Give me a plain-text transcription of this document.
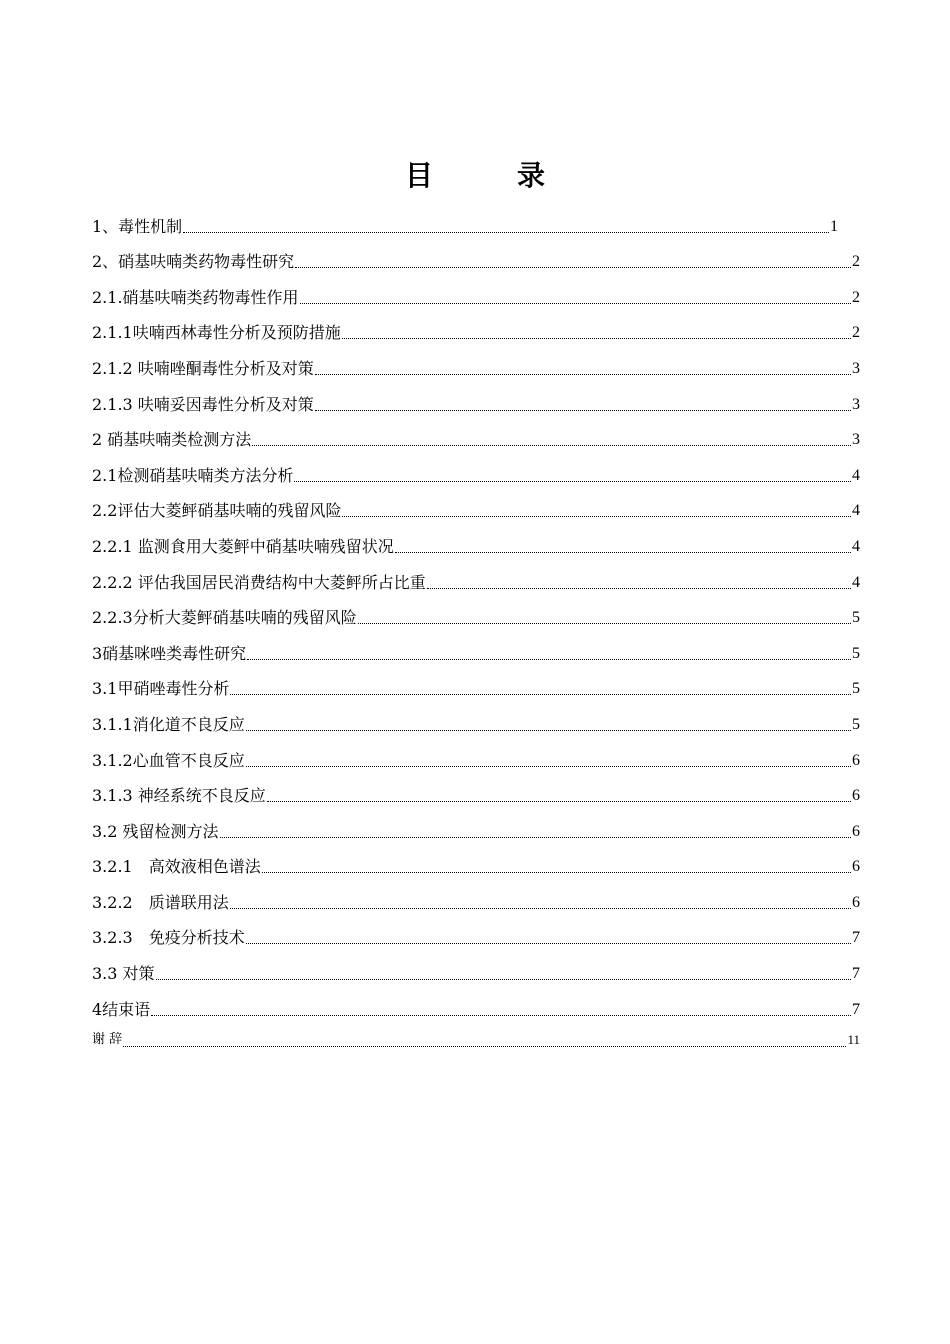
目　录
1、毒性机制	1
2、硝基呋喃类药物毒性研究	2
2.1.硝基呋喃类药物毒性作用	2
2.1.1呋喃西林毒性分析及预防措施	2
2.1.2 呋喃唑酮毒性分析及对策	3
2.1.3 呋喃妥因毒性分析及对策	3
2 硝基呋喃类检测方法	3
2.1检测硝基呋喃类方法分析	4
2.2评估大菱鲆硝基呋喃的残留风险	4
2.2.1 监测食用大菱鲆中硝基呋喃残留状况	4
2.2.2 评估我国居民消费结构中大菱鲆所占比重	4
2.2.3分析大菱鲆硝基呋喃的残留风险	5
3硝基咪唑类毒性研究	5
3.1甲硝唑毒性分析	5
3.1.1消化道不良反应	5
3.1.2心血管不良反应	6
3.1.3 神经系统不良反应	6
3.2 残留检测方法	6
3.2.1　高效液相色谱法	6
3.2.2　质谱联用法	6
3.2.3　免疫分析技术	7
3.3 对策	7
4结束语	7
谢 辞	11
